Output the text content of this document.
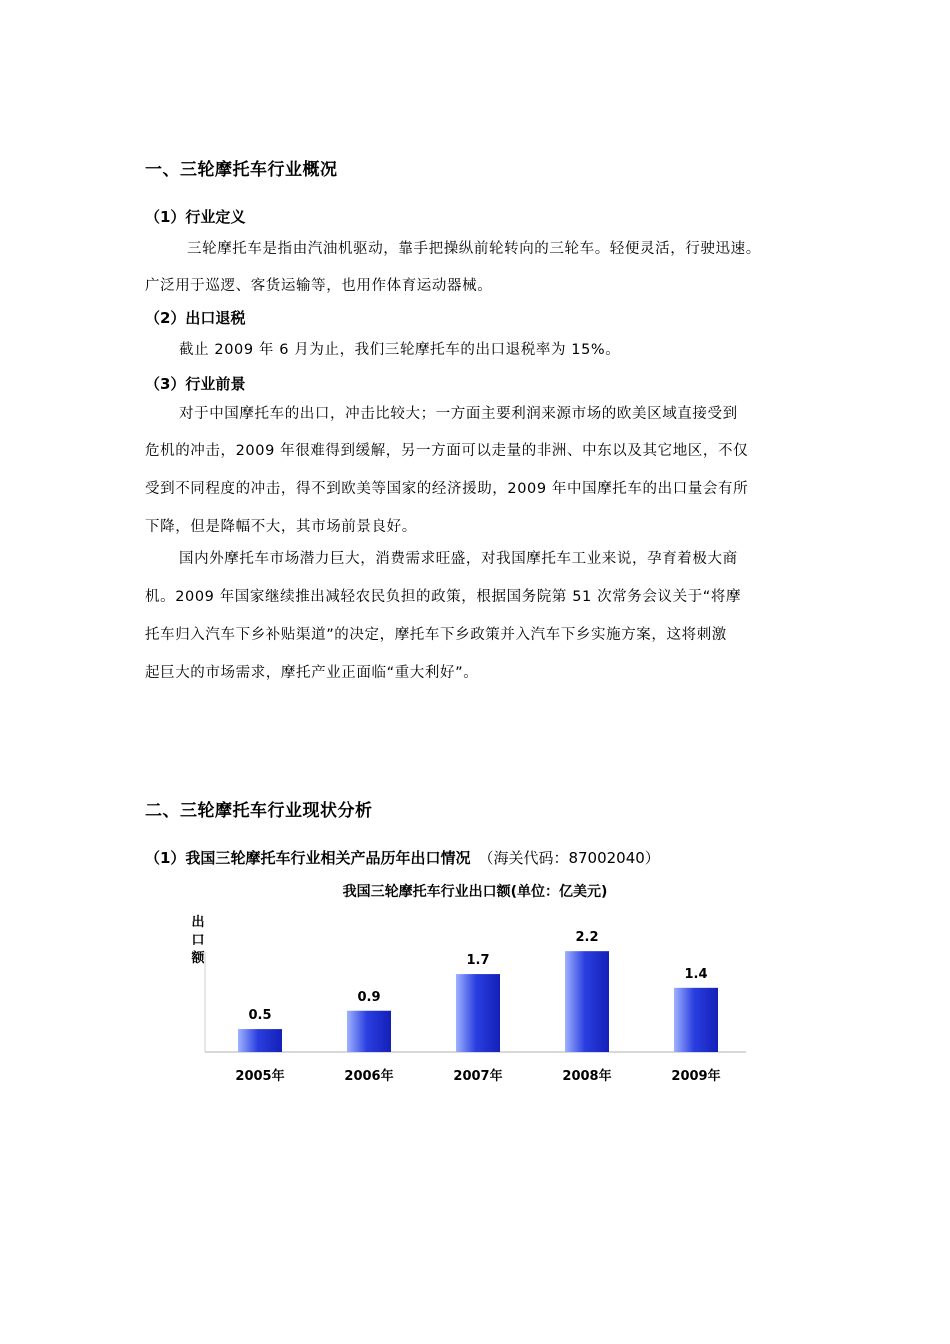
一、三轮摩托车行业概况
（1）行业定义
三轮摩托车是指由汽油机驱动，靠手把操纵前轮转向的三轮车。轻便灵活，行驶迅速。
广泛用于巡逻、客货运输等，也用作体育运动器械。
（2）出口退税
截止 2009 年 6 月为止，我们三轮摩托车的出口退税率为 15%。
（3）行业前景
对于中国摩托车的出口，冲击比较大；一方面主要利润来源市场的欧美区域直接受到
危机的冲击，2009 年很难得到缓解，另一方面可以走量的非洲、中东以及其它地区，不仅
受到不同程度的冲击，得不到欧美等国家的经济援助，2009 年中国摩托车的出口量会有所
下降，但是降幅不大，其市场前景良好。
国内外摩托车市场潜力巨大，消费需求旺盛，对我国摩托车工业来说，孕育着极大商
机。2009 年国家继续推出减轻农民负担的政策，根据国务院第 51 次常务会议关于“将摩
托车归入汽车下乡补贴渠道”的决定，摩托车下乡政策并入汽车下乡实施方案，这将刺激
起巨大的市场需求，摩托产业正面临“重大利好”。
二、三轮摩托车行业现状分析
（1）我国三轮摩托车行业相关产品历年出口情况 （海关代码：87002040）
我国三轮摩托车行业出口额(单位：亿美元)
出
口
额
0.5
2005年
0.9
2006年
1.7
2007年
2.2
2008年
1.4
2009年
